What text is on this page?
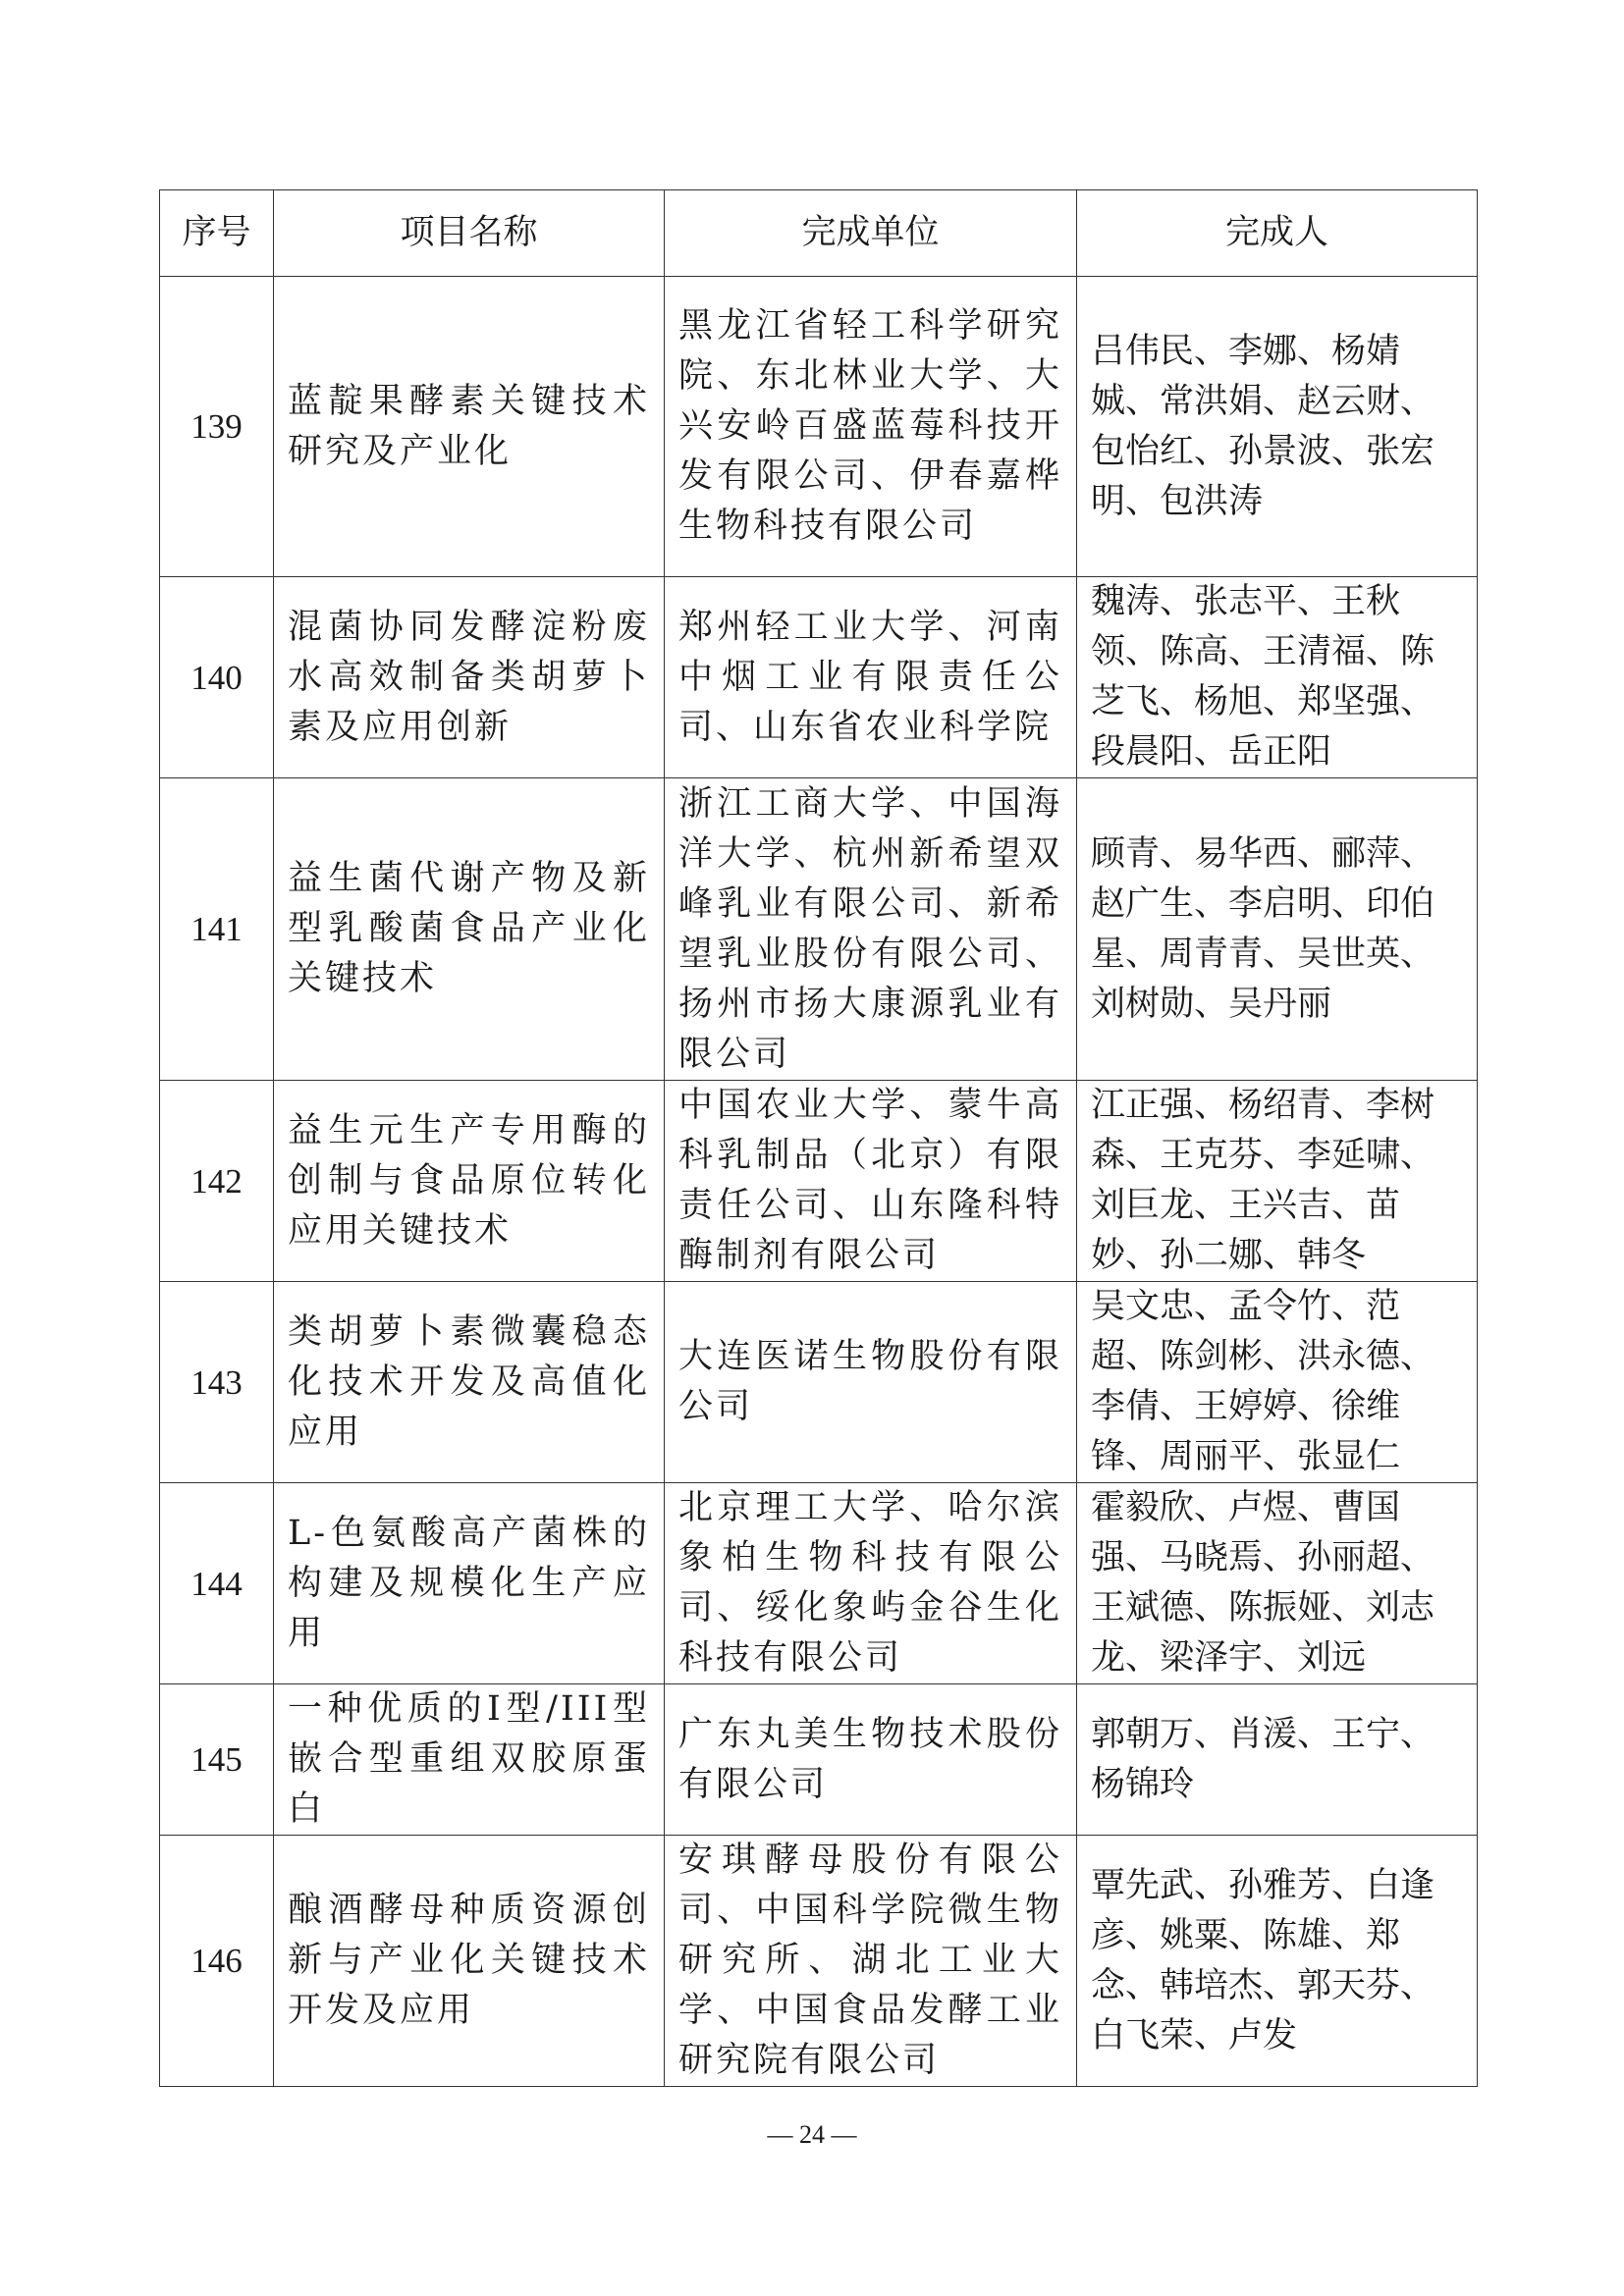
序号	项目名称	完成单位	完成人
139	蓝靛果酵素关键技术研究及产业化	黑龙江省轻工科学研究院、东北林业大学、大兴安岭百盛蓝莓科技开发有限公司、伊春嘉桦生物科技有限公司	吕伟民、李娜、杨婧娍、常洪娟、赵云财、包怡红、孙景波、张宏明、包洪涛
140	混菌协同发酵淀粉废水高效制备类胡萝卜素及应用创新	郑州轻工业大学、河南中烟工业有限责任公司、山东省农业科学院	魏涛、张志平、王秋领、陈高、王清福、陈芝飞、杨旭、郑坚强、段晨阳、岳正阳
141	益生菌代谢产物及新型乳酸菌食品产业化关键技术	浙江工商大学、中国海洋大学、杭州新希望双峰乳业有限公司、新希望乳业股份有限公司、扬州市扬大康源乳业有限公司	顾青、易华西、郦萍、赵广生、李启明、印伯星、周青青、吴世英、刘树勋、吴丹丽
142	益生元生产专用酶的创制与食品原位转化应用关键技术	中国农业大学、蒙牛高科乳制品（北京）有限责任公司、山东隆科特酶制剂有限公司	江正强、杨绍青、李树森、王克芬、李延啸、刘巨龙、王兴吉、苗妙、孙二娜、韩冬
143	类胡萝卜素微囊稳态化技术开发及高值化应用	大连医诺生物股份有限公司	吴文忠、孟令竹、范超、陈剑彬、洪永德、李倩、王婷婷、徐维锋、周丽平、张显仁
144	L-色氨酸高产菌株的构建及规模化生产应用	北京理工大学、哈尔滨象柏生物科技有限公司、绥化象屿金谷生化科技有限公司	霍毅欣、卢煜、曹国强、马晓焉、孙丽超、王斌德、陈振娅、刘志龙、梁泽宇、刘远
145	一种优质的I型/III型嵌合型重组双胶原蛋白	广东丸美生物技术股份有限公司	郭朝万、肖湲、王宁、杨锦玲
146	酿酒酵母种质资源创新与产业化关键技术开发及应用	安琪酵母股份有限公司、中国科学院微生物研究所、湖北工业大学、中国食品发酵工业研究院有限公司	覃先武、孙雅芳、白逢彦、姚粟、陈雄、郑念、韩培杰、郭天芬、白飞荣、卢发
— 24 —
